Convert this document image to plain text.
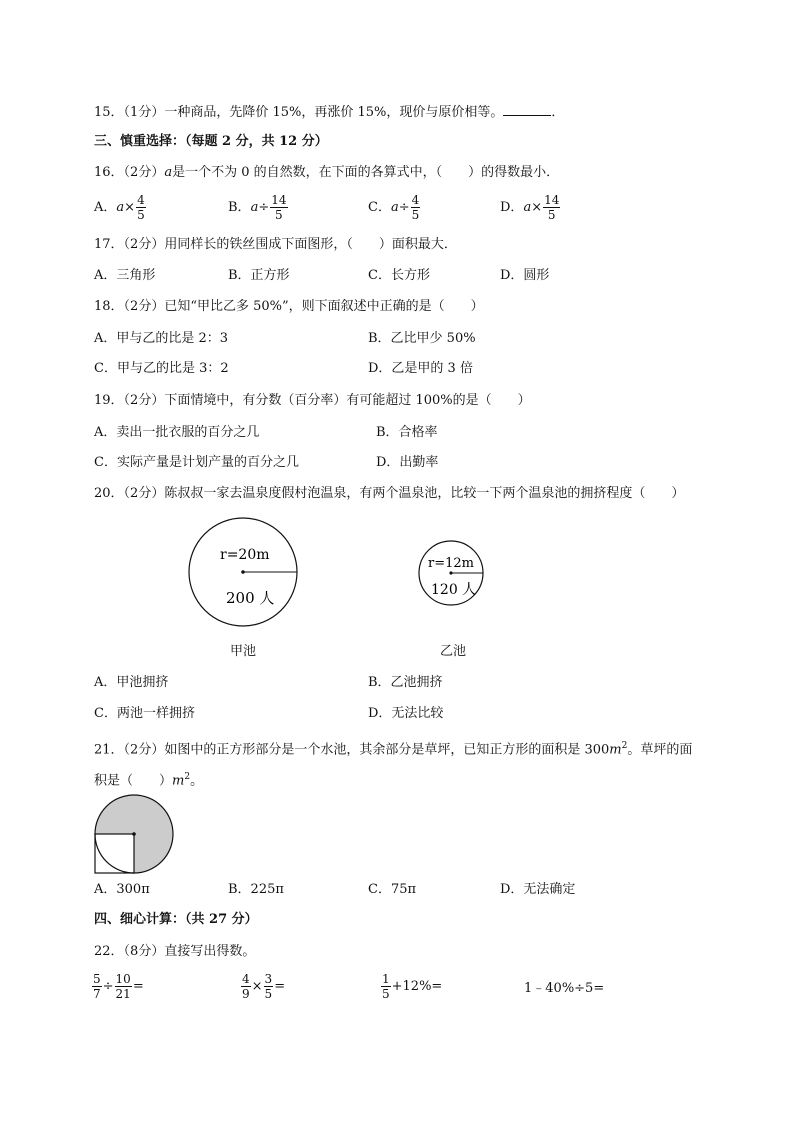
15．（1分）一种商品，先降价 15%，再涨价 15%，现价与原价相等。	．
三、慎重选择：（每题 2 分，共 12 分）
16．（2分）a是一个不为 0 的自然数，在下面的各算式中，（　　）的得数最小．
A．$a\times \frac{4}{5}$	B．$a\div \frac{14}{5}$	C．$a\div \frac{4}{5}$	D．$a\times \frac{14}{5}$
17．（2分）用同样长的铁丝围成下面图形，（　　）面积最大．
A．三角形	B．正方形	C．长方形	D．圆形
18．（2分）已知“甲比乙多 50%”，则下面叙述中正确的是（　　）
A．甲与乙的比是 2：3	B．乙比甲少 50%
C．甲与乙的比是 3：2	D．乙是甲的 3 倍
19．（2分）下面情境中，有分数（百分率）有可能超过 100%的是（　　）
A．卖出一批衣服的百分之几	B．合格率
C．实际产量是计划产量的百分之几	D．出勤率
20．（2分）陈叔叔一家去温泉度假村泡温泉，有两个温泉池，比较一下两个温泉池的拥挤程度（　　）
r=20m
200 人
甲池
r=12m
120 人
乙池
A．甲池拥挤	B．乙池拥挤
C．两池一样拥挤	D．无法比较
21．（2分）如图中的正方形部分是一个水池，其余部分是草坪，已知正方形的面积是 $300m^2$。草坪的面
积是（　　）$m^2$。
A．300π	B．225π	C．75π	D．无法确定
四、细心计算：（共 27 分）
22．（8分）直接写出得数。
$\frac{5}{7} \div \frac{10}{21}$ =	$\frac{4}{9} \times \frac{3}{5}$ =	$\frac{1}{5} +12\%=$	1﹣40%÷5=
